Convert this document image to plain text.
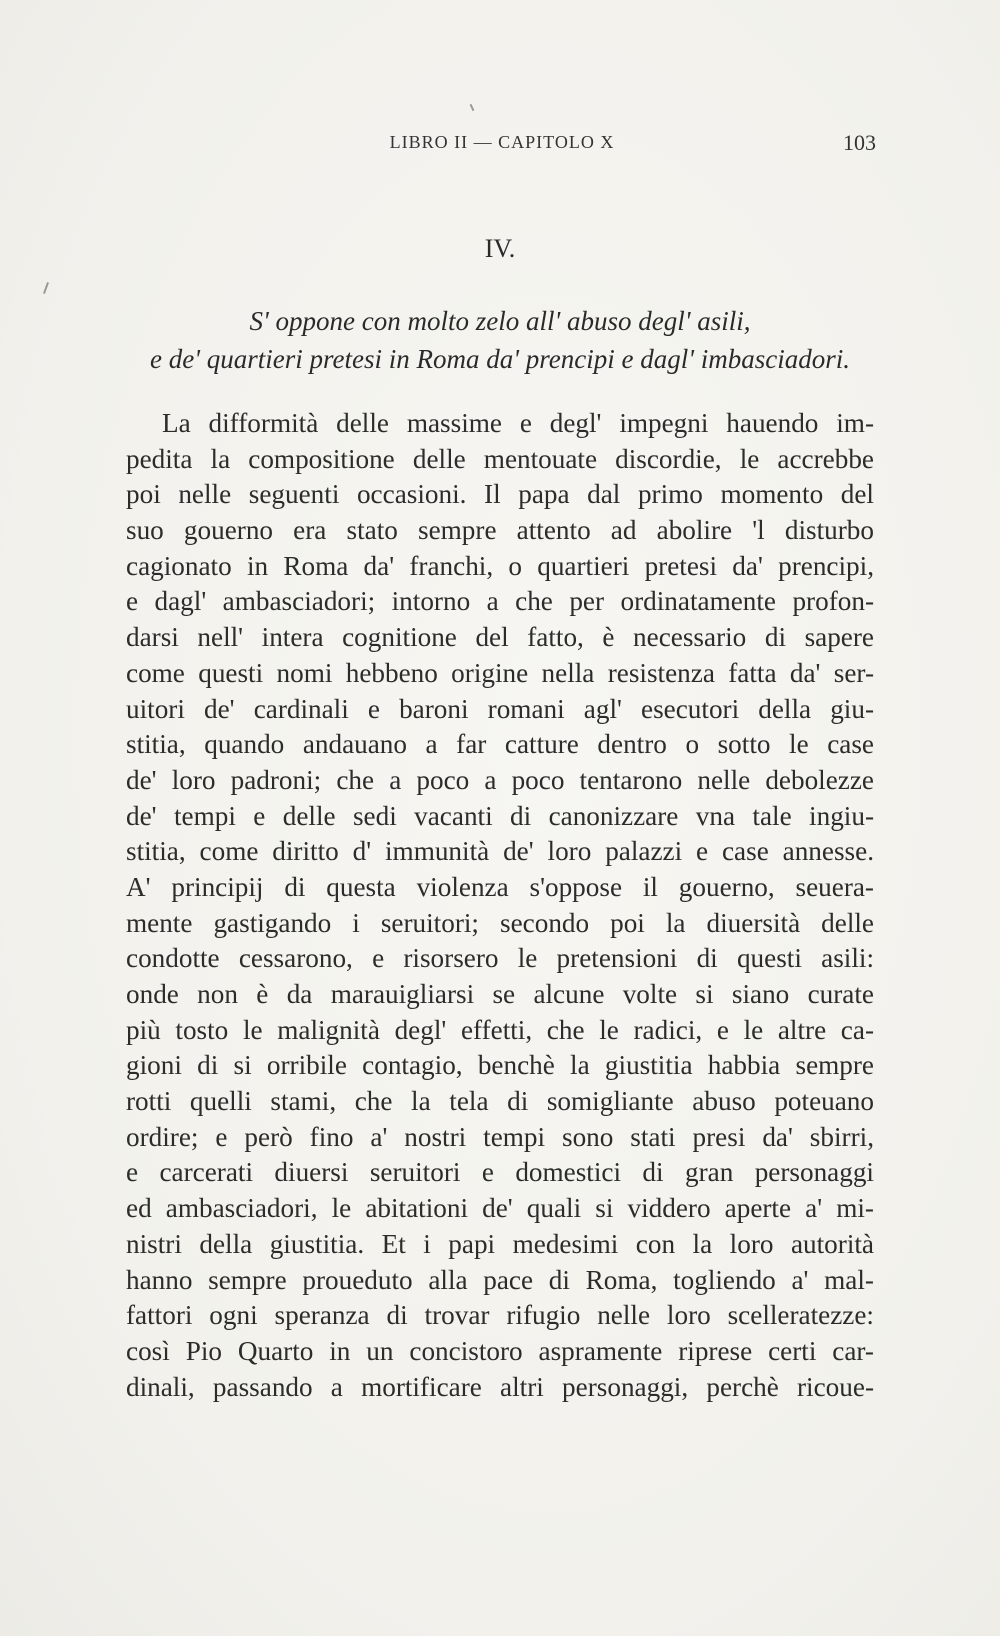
LIBRO II — CAPITOLO X	103
IV.
S' oppone con molto zelo all' abuso degl' asili,
e de' quartieri pretesi in Roma da' prencipi e dagl' imbasciadori.
La difformità delle massime e degl' impegni hauendo im-
pedita la compositione delle mentouate discordie, le accrebbe
poi nelle seguenti occasioni. Il papa dal primo momento del
suo gouerno era stato sempre attento ad abolire 'l disturbo
cagionato in Roma da' franchi, o quartieri pretesi da' prencipi,
e dagl' ambasciadori; intorno a che per ordinatamente profon-
darsi nell' intera cognitione del fatto, è necessario di sapere
come questi nomi hebbeno origine nella resistenza fatta da' ser-
uitori de' cardinali e baroni romani agl' esecutori della giu-
stitia, quando andauano a far catture dentro o sotto le case
de' loro padroni; che a poco a poco tentarono nelle debolezze
de' tempi e delle sedi vacanti di canonizzare vna tale ingiu-
stitia, come diritto d' immunità de' loro palazzi e case annesse.
A' principij di questa violenza s'oppose il gouerno, seuera-
mente gastigando i seruitori; secondo poi la diuersità delle
condotte cessarono, e risorsero le pretensioni di questi asili:
onde non è da marauigliarsi se alcune volte si siano curate
più tosto le malignità degl' effetti, che le radici, e le altre ca-
gioni di si orribile contagio, benchè la giustitia habbia sempre
rotti quelli stami, che la tela di somigliante abuso poteuano
ordire; e però fino a' nostri tempi sono stati presi da' sbirri,
e carcerati diuersi seruitori e domestici di gran personaggi
ed ambasciadori, le abitationi de' quali si viddero aperte a' mi-
nistri della giustitia. Et i papi medesimi con la loro autorità
hanno sempre proueduto alla pace di Roma, togliendo a' mal-
fattori ogni speranza di trovar rifugio nelle loro scelleratezze:
così Pio Quarto in un concistoro aspramente riprese certi car-
dinali, passando a mortificare altri personaggi, perchè ricoue-
